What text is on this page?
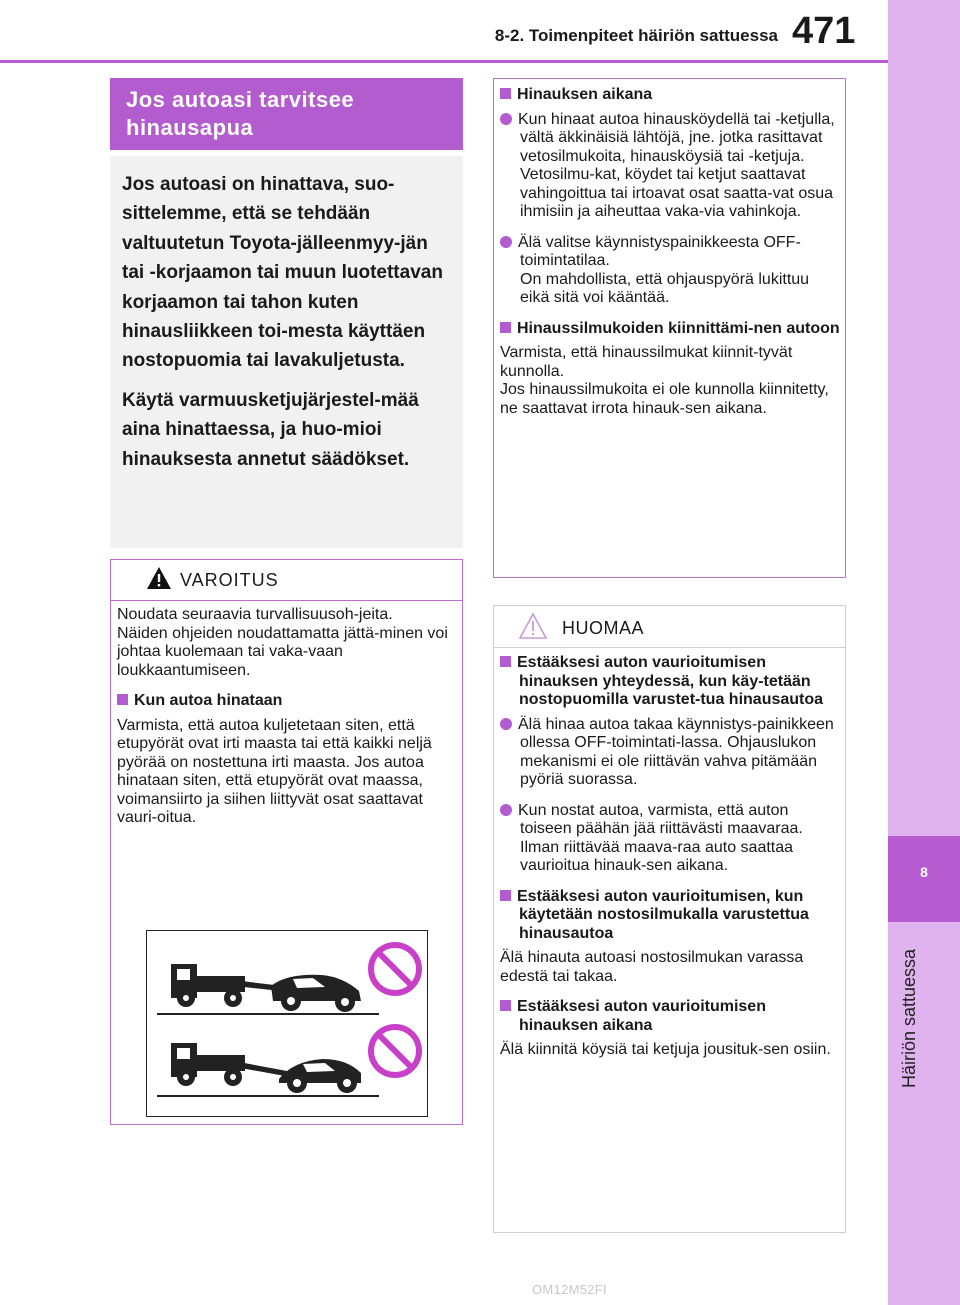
8-2. Toimenpiteet häiriön sattuessa 471
8
Häiriön sattuessa
Jos autoasi tarvitsee hinausapua

Jos autoasi on hinattava, suo-sittelemme, että se tehdään valtuutetun Toyota-jälleenmyy-jän tai -korjaamon tai muun luotettavan korjaamon tai tahon kuten hinausliikkeen toi-mesta käyttäen nostopuomia tai lavakuljetusta.

Käytä varmuusketjujärjestel-mää aina hinattaessa, ja huo-mioi hinauksesta annetut säädökset.

VAROITUS

Noudata seuraavia turvallisuusoh-jeita.
Näiden ohjeiden noudattamatta jättä-minen voi johtaa kuolemaan tai vaka-vaan loukkaantumiseen.

Kun autoa hinataan

Varmista, että autoa kuljetetaan siten, että etupyörät ovat irti maasta tai että kaikki neljä pyörää on nostettuna irti maasta. Jos autoa hinataan siten, että etupyörät ovat maassa, voimansiirto ja siihen liittyvät osat saattavat vauri-oitua.

Hinauksen aikana

Kun hinaat autoa hinausköydellä tai -ketjulla, vältä äkkinäisiä lähtöjä, jne. jotka rasittavat vetosilmukoita, hinausköysiä tai -ketjuja. Vetosilmu-kat, köydet tai ketjut saattavat vahingoittua tai irtoavat osat saatta-vat osua ihmisiin ja aiheuttaa vaka-via vahinkoja.

Älä valitse käynnistyspainikkeesta OFF-toimintatilaa.
On mahdollista, että ohjauspyörä lukittuu eikä sitä voi kääntää.

Hinaussilmukoiden kiinnittämi-nen autoon

Varmista, että hinaussilmukat kiinnit-tyvät kunnolla.
Jos hinaussilmukoita ei ole kunnolla kiinnitetty, ne saattavat irrota hinauk-sen aikana.

HUOMAA

Estääksesi auton vaurioitumisen hinauksen yhteydessä, kun käy-tetään nostopuomilla varustet-tua hinausautoa

Älä hinaa autoa takaa käynnistys-painikkeen ollessa OFF-toimintati-lassa. Ohjauslukon mekanismi ei ole riittävän vahva pitämään pyöriä suorassa.

Kun nostat autoa, varmista, että auton toiseen päähän jää riittävästi maavaraa. Ilman riittävää maava-raa auto saattaa vaurioitua hinauk-sen aikana.

Estääksesi auton vaurioitumisen, kun käytetään nostosilmukalla varustettua hinausautoa

Älä hinauta autoasi nostosilmukan varassa edestä tai takaa.

Estääksesi auton vaurioitumisen hinauksen aikana

Älä kiinnitä köysiä tai ketjuja jousituk-sen osiin.

OM12M52FI
